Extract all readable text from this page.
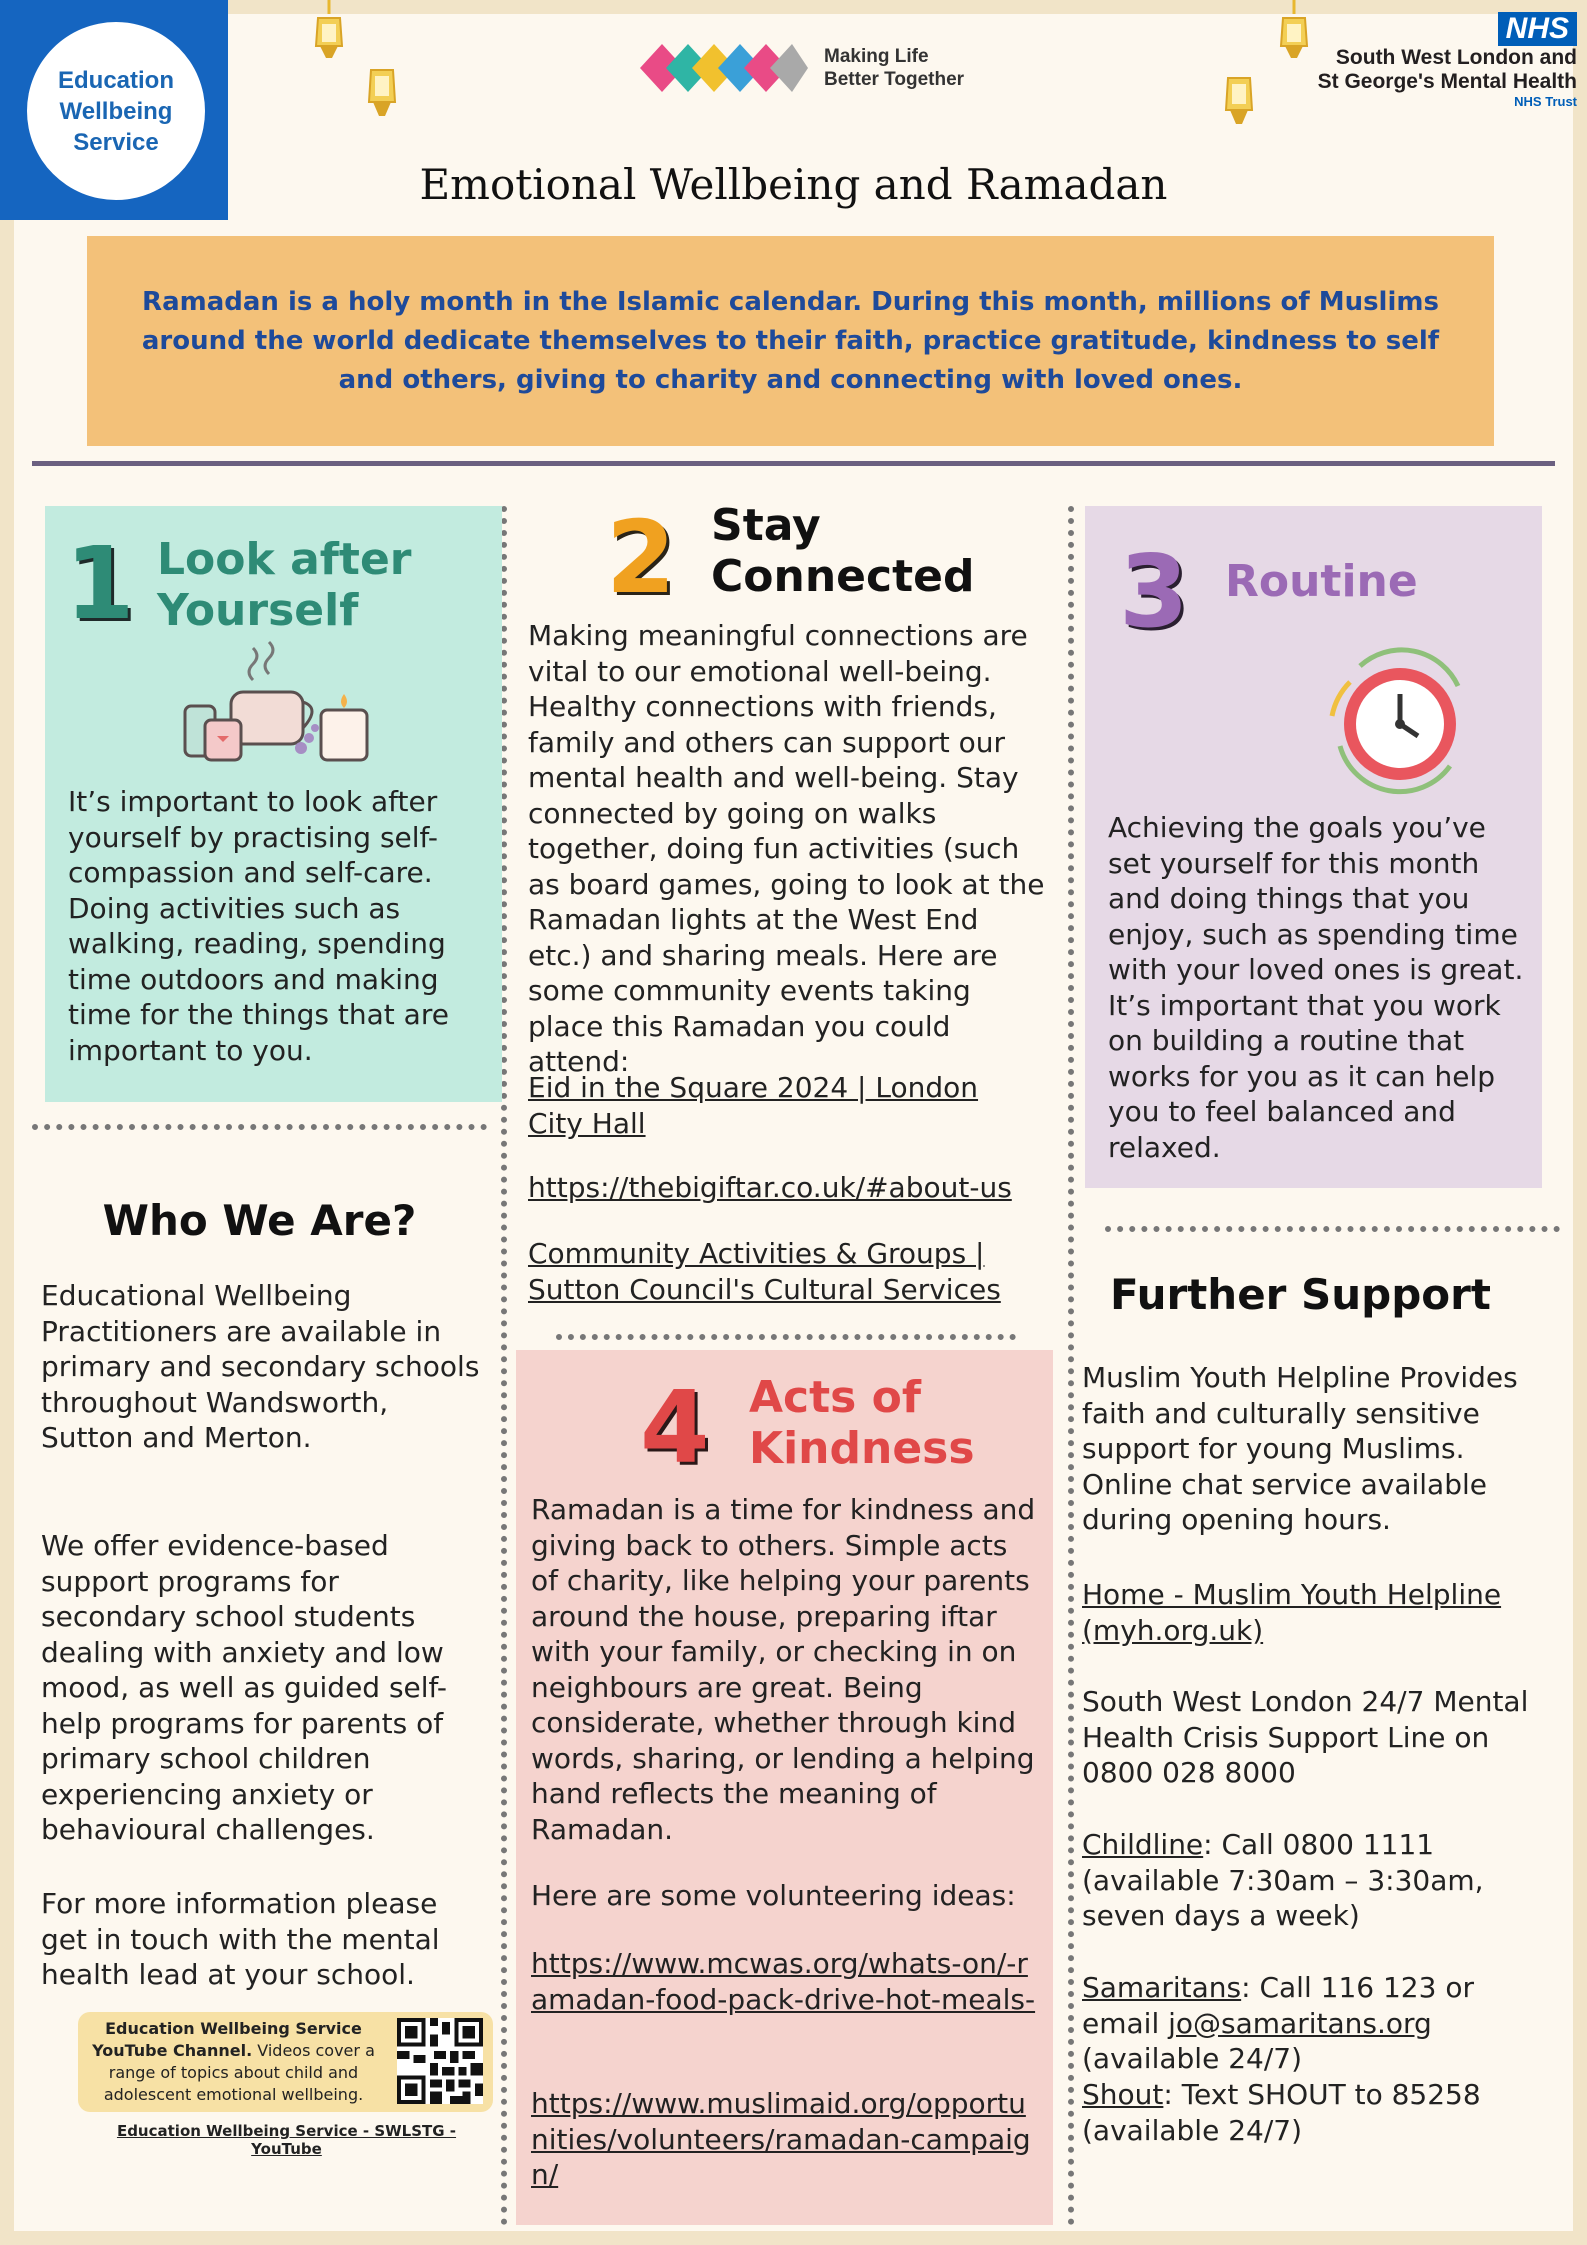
Education Wellbeing Service
Making Life
Better Together
NHS
South West London and
St George's Mental Health
NHS Trust
Emotional Wellbeing and Ramadan
Ramadan is a holy month in the Islamic calendar. During this month, millions of Muslims around the world dedicate themselves to their faith, practice gratitude, kindness to self and others, giving to charity and connecting with loved ones.
1 Look after
Yourself
It’s important to look after yourself by practising self-compassion and self-care. Doing activities such as walking, reading, spending time outdoors and making time for the things that are important to you.
2 Stay
Connected
Making meaningful connections are vital to our emotional well-being. Healthy connections with friends, family and others can support our mental health and well-being. Stay connected by going on walks together, doing fun activities (such as board games, going to look at the Ramadan lights at the West End etc.) and sharing meals. Here are some community events taking place this Ramadan you could attend:
Eid in the Square 2024 | London City Hall
https://thebigiftar.co.uk/#about-us
Community Activities & Groups | Sutton Council's Cultural Services
3 Routine
Achieving the goals you’ve set yourself for this month and doing things that you enjoy, such as spending time with your loved ones is great. It’s important that you work on building a routine that works for you as it can help you to feel balanced and relaxed.
4 Acts of
Kindness
Ramadan is a time for kindness and giving back to others. Simple acts of charity, like helping your parents around the house, preparing iftar with your family, or checking in on neighbours are great. Being considerate, whether through kind words, sharing, or lending a helping hand reflects the meaning of Ramadan.
Here are some volunteering ideas:
https://www.mcwas.org/whats-on/-ramadan-food-pack-drive-hot-meals-
https://www.muslimaid.org/opportunities/volunteers/ramadan-campaign/
Who We Are?
Educational Wellbeing Practitioners are available in primary and secondary schools throughout Wandsworth, Sutton and Merton.
We offer evidence-based support programs for secondary school students dealing with anxiety and low mood, as well as guided self-help programs for parents of primary school children experiencing anxiety or behavioural challenges.
For more information please get in touch with the mental health lead at your school.
Education Wellbeing Service YouTube Channel. Videos cover a range of topics about child and adolescent emotional wellbeing.
Education Wellbeing Service - SWLSTG - YouTube
Further Support
Muslim Youth Helpline Provides faith and culturally sensitive support for young Muslims. Online chat service available during opening hours.
Home - Muslim Youth Helpline (myh.org.uk)
South West London 24/7 Mental Health Crisis Support Line on 0800 028 8000
Childline: Call 0800 1111 (available 7:30am – 3:30am, seven days a week)
Samaritans: Call 116 123 or email jo@samaritans.org
(available 24/7)
Shout: Text SHOUT to 85258 (available 24/7)
